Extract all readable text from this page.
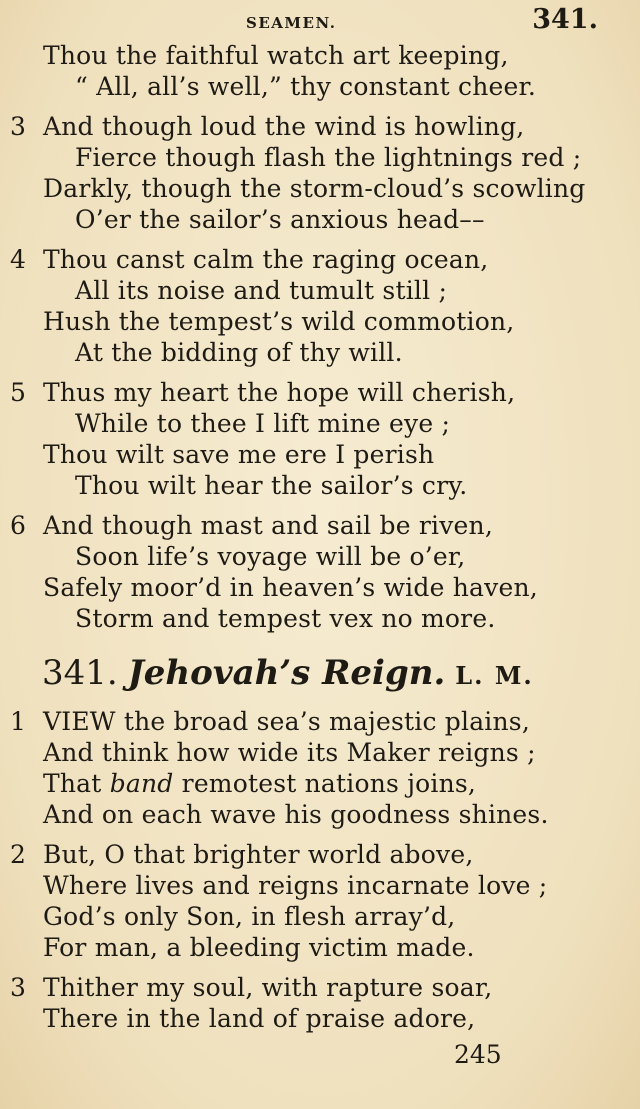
SEAMEN.	341.
Thou the faithful watch art keeping,
“ All, all’s well,” thy constant cheer.
3 And though loud the wind is howling,
Fierce though flash the lightnings red ;
Darkly, though the storm-cloud’s scowling
O’er the sailor’s anxious head––
4 Thou canst calm the raging ocean,
All its noise and tumult still ;
Hush the tempest’s wild commotion,
At the bidding of thy will.
5 Thus my heart the hope will cherish,
While to thee I lift mine eye ;
Thou wilt save me ere I perish
Thou wilt hear the sailor’s cry.
6 And though mast and sail be riven,
Soon life’s voyage will be o’er,
Safely moor’d in heaven’s wide haven,
Storm and tempest vex no more.
341. Jehovah’s Reign. L. M.
1 VIEW the broad sea’s majestic plains,
And think how wide its Maker reigns ;
That band remotest nations joins,
And on each wave his goodness shines.
2 But, O that brighter world above,
Where lives and reigns incarnate love ;
God’s only Son, in flesh array’d,
For man, a bleeding victim made.
3 Thither my soul, with rapture soar,
There in the land of praise adore,
245
